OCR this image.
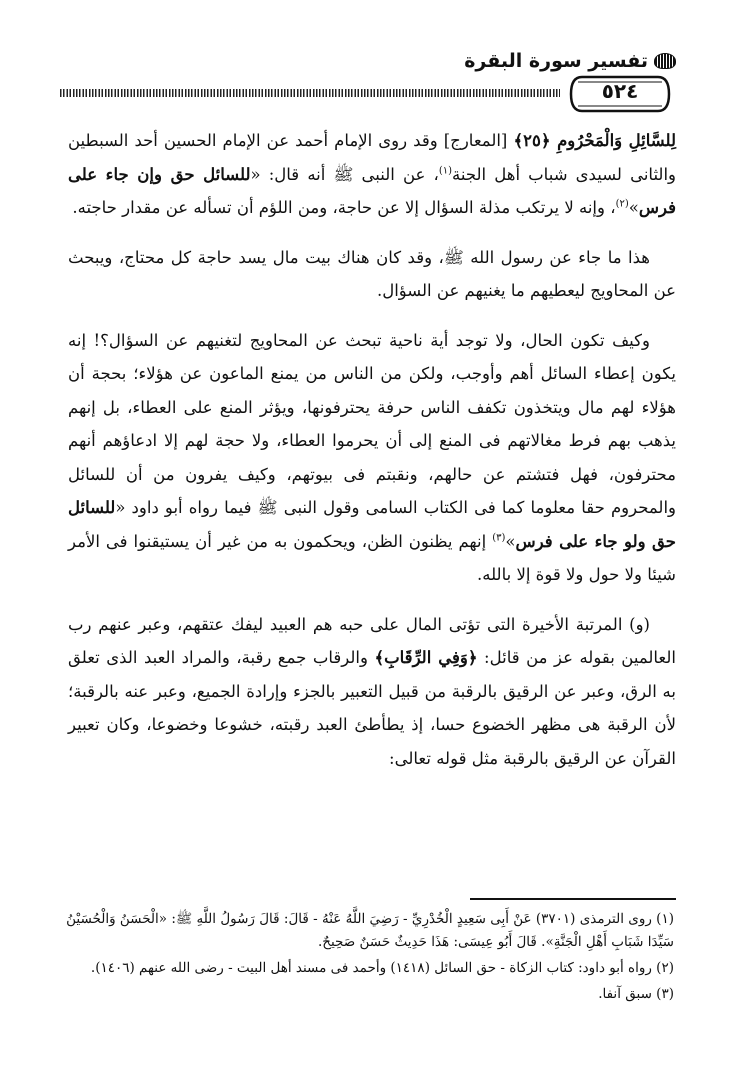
تفسير سورة البقرة
٥٢٤

لِلسَّائِلِ وَالْمَحْرُومِ ﴿٢٥﴾ [المعارج] وقد روى الإمام أحمد عن الإمام الحسين أحد السبطين والثانى لسيدى شباب أهل الجنة$^{(١)}$، عن النبى ﷺ أنه قال: «للسائل حق وإن جاء على فرس»$^{(٢)}$، وإنه لا يرتكب مذلة السؤال إلا عن حاجة، ومن اللؤم أن تسأله عن مقدار حاجته.

هذا ما جاء عن رسول الله ﷺ، وقد كان هناك بيت مال يسد حاجة كل محتاج، ويبحث عن المحاويج ليعطيهم ما يغنيهم عن السؤال.

وكيف تكون الحال، ولا توجد أية ناحية تبحث عن المحاويج لتغنيهم عن السؤال؟! إنه يكون إعطاء السائل أهم وأوجب، ولكن من الناس من يمنع الماعون عن هؤلاء؛ بحجة أن هؤلاء لهم مال ويتخذون تكفف الناس حرفة يحترفونها، ويؤثر المنع على العطاء، بل إنهم يذهب بهم فرط مغالاتهم فى المنع إلى أن يحرموا العطاء، ولا حجة لهم إلا ادعاؤهم أنهم محترفون، فهل فتشتم عن حالهم، ونقبتم فى بيوتهم، وكيف يفرون من أن للسائل والمحروم حقا معلوما كما فى الكتاب السامى وقول النبى ﷺ فيما رواه أبو داود «للسائل حق ولو جاء على فرس»$^{(٣)}$ إنهم يظنون الظن، ويحكمون به من غير أن يستيقنوا فى الأمر شيئا ولا حول ولا قوة إلا بالله.

(و) المرتبة الأخيرة التى تؤتى المال على حبه هم العبيد ليفك عتقهم، وعبر عنهم رب العالمين بقوله عز من قائل: ﴿وَفِي الرِّقَابِ﴾ والرقاب جمع رقبة، والمراد العبد الذى تعلق به الرق، وعبر عن الرقيق بالرقبة من قبيل التعبير بالجزء وإرادة الجميع، وعبر عنه بالرقبة؛ لأن الرقبة هى مظهر الخضوع حسا، إذ يطأطئ العبد رقبته، خشوعا وخضوعا، وكان تعبير القرآن عن الرقيق بالرقبة مثل قوله تعالى:

(١) روى الترمذى (٣٧٠١) عَنْ أَبِى سَعِيدٍ الْخُدْرِيِّ - رَضِيَ اللَّهُ عَنْهُ - قَالَ: قَالَ رَسُولُ اللَّهِ ﷺ: «الْحَسَنُ وَالْحُسَيْنُ سَيِّدَا شَبَابِ أَهْلِ الْجَنَّةِ». قَالَ أَبُو عِيسَى: هَذَا حَدِيثٌ حَسَنٌ صَحِيحٌ.

(٢) رواه أبو داود: كتاب الزكاة - حق السائل (١٤١٨) وأحمد فى مسند أهل البيت - رضى الله عنهم (١٤٠٦).

(٣) سبق آنفا.
